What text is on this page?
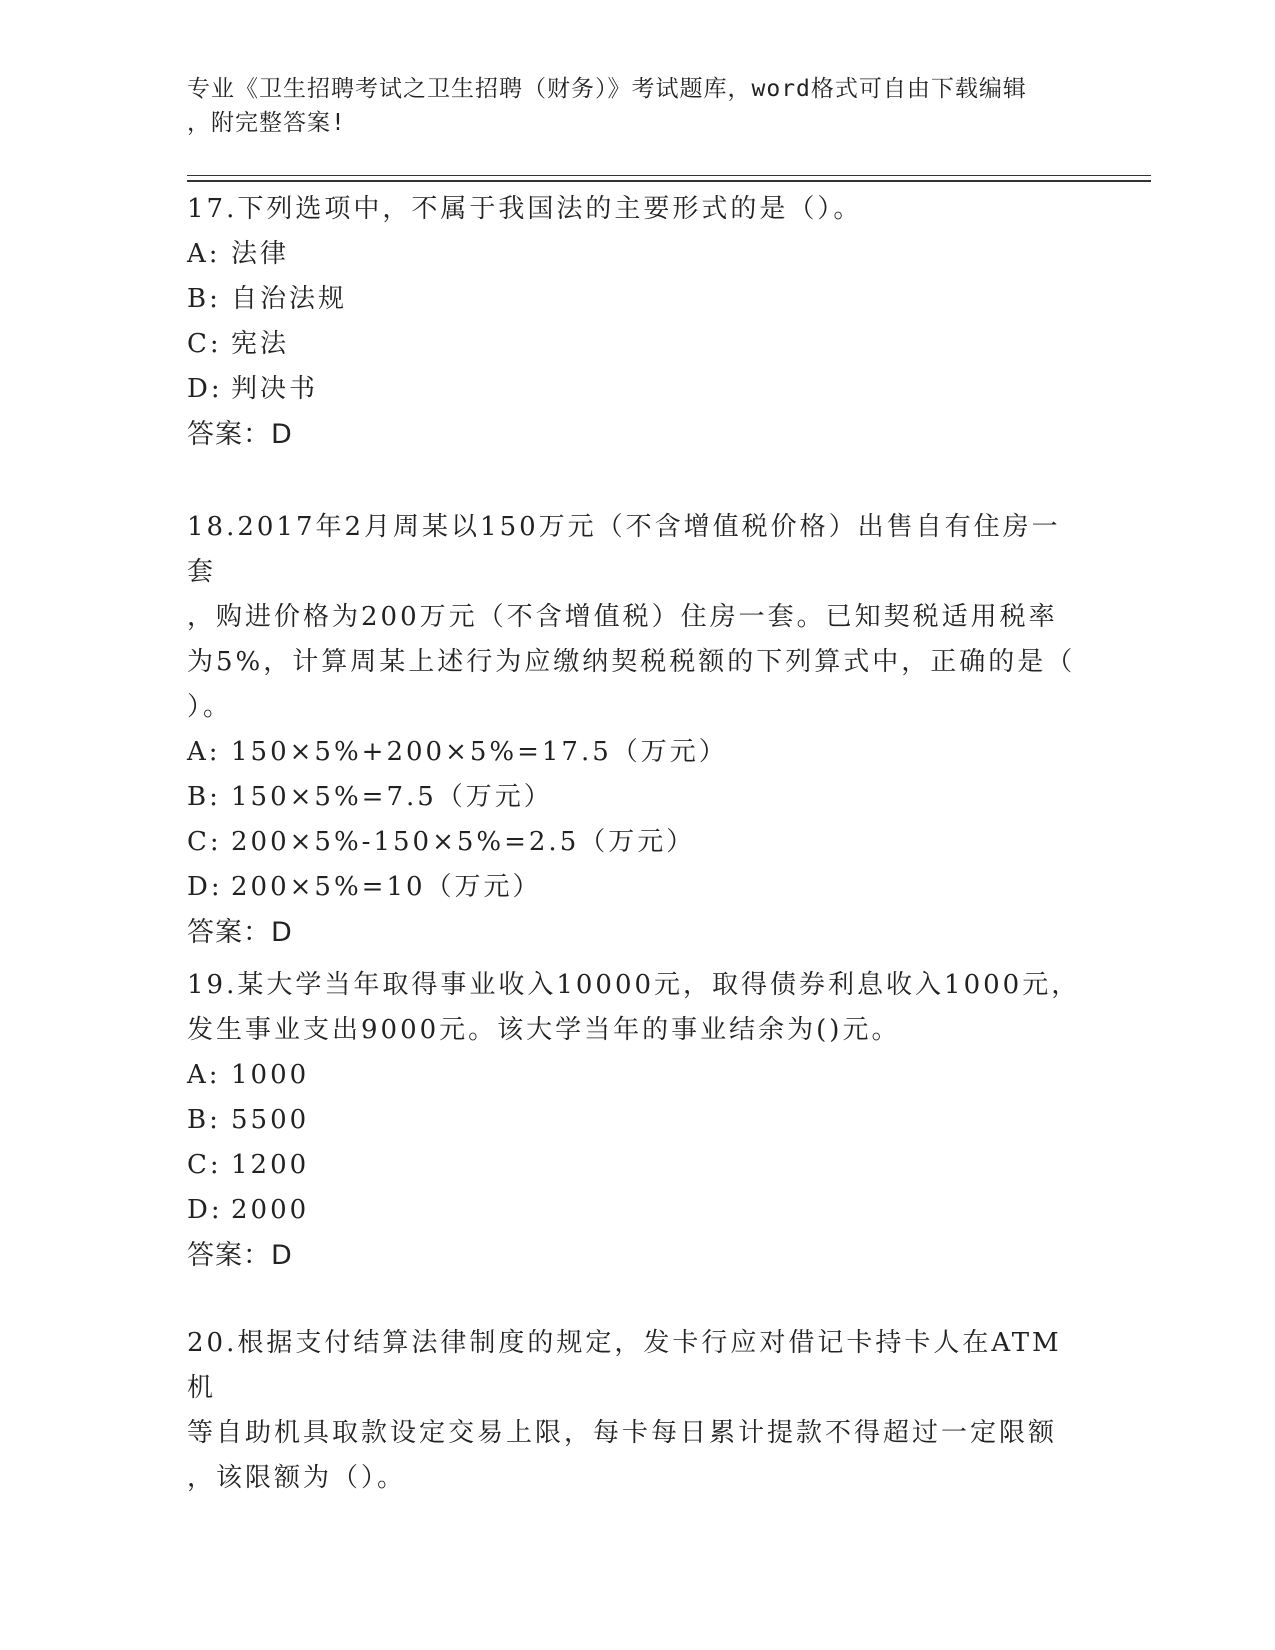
专业《卫生招聘考试之卫生招聘（财务）》考试题库，word格式可自由下载编辑
，附完整答案!

17.下列选项中，不属于我国法的主要形式的是（）。

A: 法律

B: 自治法规

C: 宪法

D: 判决书

答案：D

18.2017年2月周某以150万元（不含增值税价格）出售自有住房一套

，购进价格为200万元（不含增值税）住房一套。已知契税适用税率

为5%，计算周某上述行为应缴纳契税税额的下列算式中，正确的是（

）。

A: 150×5%+200×5%=17.5（万元）

B: 150×5%=7.5（万元）

C: 200×5%-150×5%=2.5（万元）

D: 200×5%=10（万元）

答案：D

19.某大学当年取得事业收入10000元，取得债券利息收入1000元，

发生事业支出9000元。该大学当年的事业结余为()元。

A: 1000

B: 5500

C: 1200

D: 2000

答案：D

20.根据支付结算法律制度的规定，发卡行应对借记卡持卡人在ATM机

等自助机具取款设定交易上限，每卡每日累计提款不得超过一定限额

，该限额为（）。
